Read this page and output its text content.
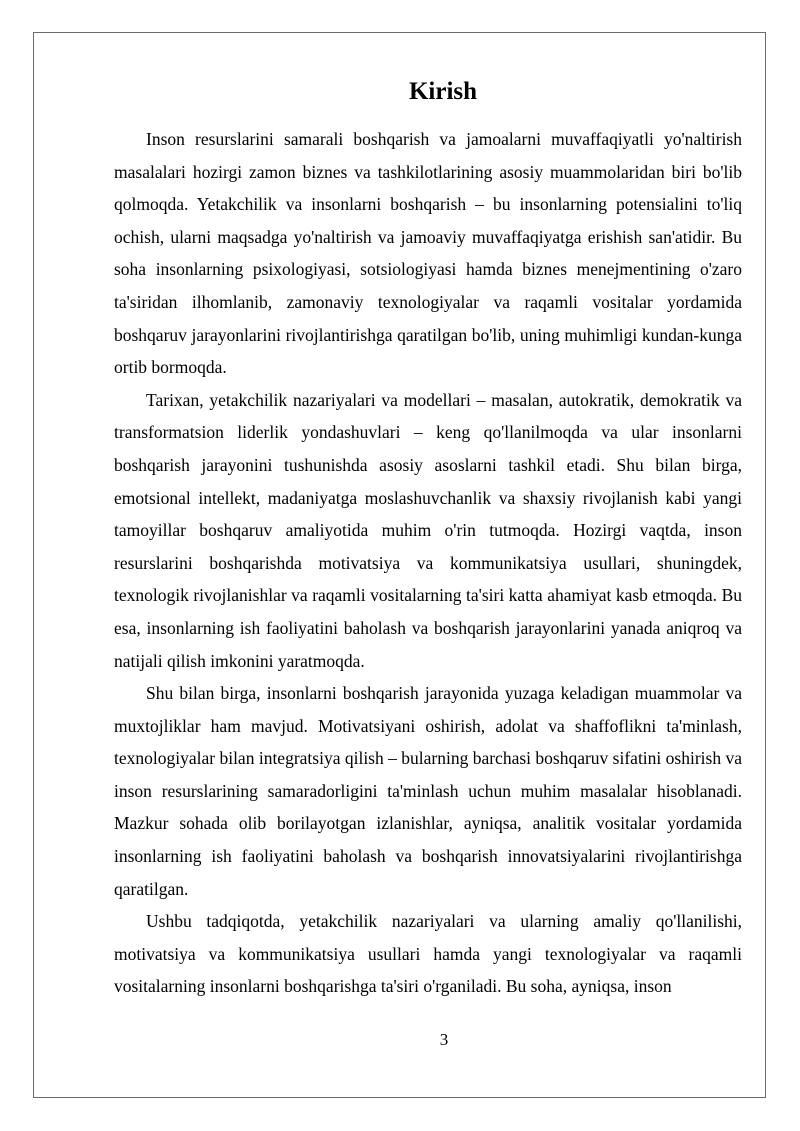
Kirish

Inson resurslarini samarali boshqarish va jamoalarni muvaffaqiyatli yo'naltirish masalalari hozirgi zamon biznes va tashkilotlarining asosiy muammolaridan biri bo'lib qolmoqda. Yetakchilik va insonlarni boshqarish – bu insonlarning potensialini to'liq ochish, ularni maqsadga yo'naltirish va jamoaviy muvaffaqiyatga erishish san'atidir. Bu soha insonlarning psixologiyasi, sotsiologiyasi hamda biznes menejmentining o'zaro ta'siridan ilhomlanib, zamonaviy texnologiyalar va raqamli vositalar yordamida boshqaruv jarayonlarini rivojlantirishga qaratilgan bo'lib, uning muhimligi kundan-kunga ortib bormoqda.

Tarixan, yetakchilik nazariyalari va modellari – masalan, autokratik, demokratik va transformatsion liderlik yondashuvlari – keng qo'llanilmoqda va ular insonlarni boshqarish jarayonini tushunishda asosiy asoslarni tashkil etadi. Shu bilan birga, emotsional intellekt, madaniyatga moslashuvchanlik va shaxsiy rivojlanish kabi yangi tamoyillar boshqaruv amaliyotida muhim o'rin tutmoqda. Hozirgi vaqtda, inson resurslarini boshqarishda motivatsiya va kommunikatsiya usullari, shuningdek, texnologik rivojlanishlar va raqamli vositalarning ta'siri katta ahamiyat kasb etmoqda. Bu esa, insonlarning ish faoliyatini baholash va boshqarish jarayonlarini yanada aniqroq va natijali qilish imkonini yaratmoqda.

Shu bilan birga, insonlarni boshqarish jarayonida yuzaga keladigan muammolar va muxtojliklar ham mavjud. Motivatsiyani oshirish, adolat va shaffoflikni ta'minlash, texnologiyalar bilan integratsiya qilish – bularning barchasi boshqaruv sifatini oshirish va inson resurslarining samaradorligini ta'minlash uchun muhim masalalar hisoblanadi. Mazkur sohada olib borilayotgan izlanishlar, ayniqsa, analitik vositalar yordamida insonlarning ish faoliyatini baholash va boshqarish innovatsiyalarini rivojlantirishga qaratilgan.

Ushbu tadqiqotda, yetakchilik nazariyalari va ularning amaliy qo'llanilishi, motivatsiya va kommunikatsiya usullari hamda yangi texnologiyalar va raqamli vositalarning insonlarni boshqarishga ta'siri o'rganiladi. Bu soha, ayniqsa, inson

3
